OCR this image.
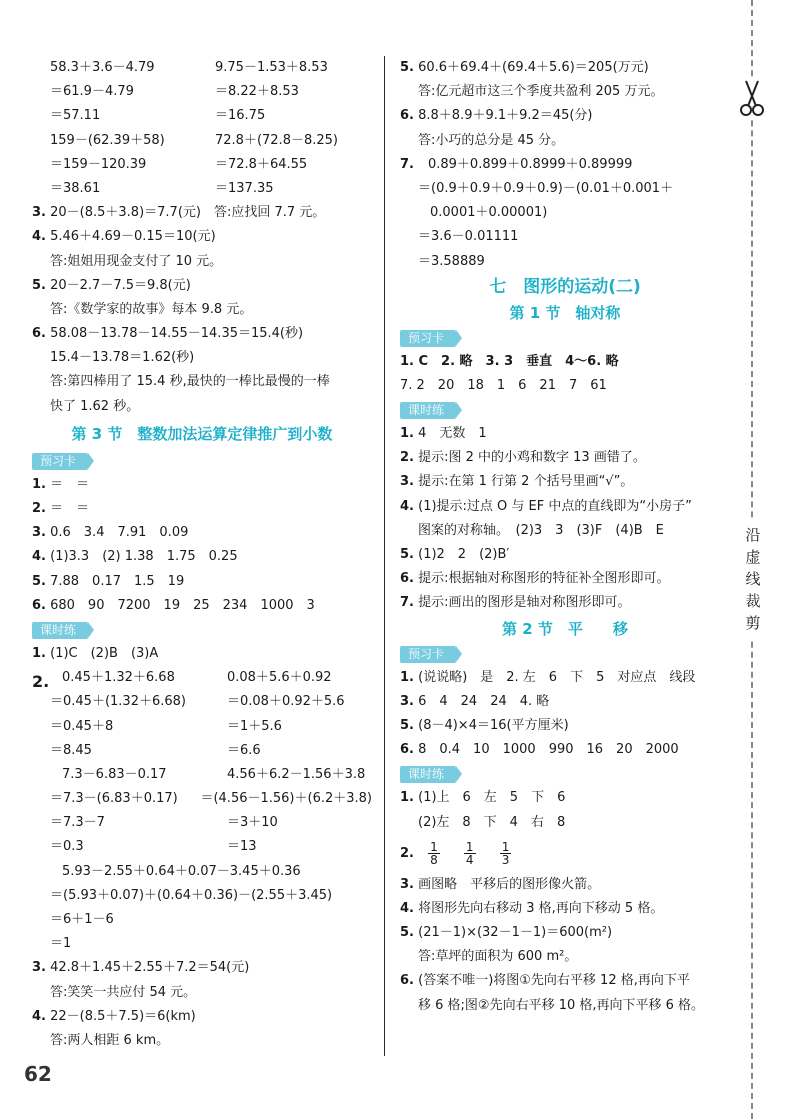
58.3＋3.6－4.79	9.75－1.53＋8.53
＝61.9－4.79	＝8.22＋8.53
＝57.11	＝16.75
159－(62.39＋58)	72.8＋(72.8－8.25)
＝159－120.39	＝72.8＋64.55
＝38.61	＝137.35
3. 20－(8.5＋3.8)＝7.7(元)　答:应找回 7.7 元。
4. 5.46＋4.69－0.15＝10(元)
答:姐姐用现金支付了 10 元。
5. 20－2.7－7.5＝9.8(元)
答:《数学家的故事》每本 9.8 元。
6. 58.08－13.78－14.55－14.35＝15.4(秒)
15.4－13.78＝1.62(秒)
答:第四棒用了 15.4 秒,最快的一棒比最慢的一棒
快了 1.62 秒。
第 3 节　整数加法运算定律推广到小数
预习卡
1. ＝　＝
2. ＝　＝
3. 0.6　3.4　7.91　0.09
4. (1)3.3　(2) 1.38　1.75　0.25
5. 7.88　0.17　1.5　19
6. 680　90　7200　19　25　234　1000　3
课时练
1. (1)C　(2)B　(3)A
2. 0.45＋1.32＋6.68	0.08＋5.6＋0.92
＝0.45＋(1.32＋6.68)	＝0.08＋0.92＋5.6
＝0.45＋8	＝1＋5.6
＝8.45	＝6.6
7.3－6.83－0.17	4.56＋6.2－1.56＋3.8
＝7.3－(6.83＋0.17)	＝(4.56－1.56)＋(6.2＋3.8)
＝7.3－7	＝3＋10
＝0.3	＝13
5.93－2.55＋0.64＋0.07－3.45＋0.36
＝(5.93＋0.07)＋(0.64＋0.36)－(2.55＋3.45)
＝6＋1－6
＝1
3. 42.8＋1.45＋2.55＋7.2＝54(元)
答:笑笑一共应付 54 元。
4. 22－(8.5＋7.5)＝6(km)
答:两人相距 6 km。
5. 60.6＋69.4＋(69.4＋5.6)＝205(万元)
答:亿元超市这三个季度共盈利 205 万元。
6. 8.8＋8.9＋9.1＋9.2＝45(分)
答:小巧的总分是 45 分。
7. 0.89＋0.899＋0.8999＋0.89999
＝(0.9＋0.9＋0.9＋0.9)－(0.01＋0.001＋
0.0001＋0.00001)
＝3.6－0.01111
＝3.58889
七　图形的运动(二)
第 1 节　轴对称
预习卡
1. C　2. 略　3. 3　垂直　4～6. 略
7. 2　20　18　1　6　21　7　61
课时练
1. 4　无数　1
2. 提示:图 2 中的小鸡和数字 13 画错了。
3. 提示:在第 1 行第 2 个括号里画“√”。
4. (1)提示:过点 O 与 EF 中点的直线即为“小房子”
图案的对称轴。　(2)3　3　(3)F　(4)B　E
5. (1)2　2　(2)B′
6. 提示:根据轴对称图形的特征补全图形即可。
7. 提示:画出的图形是轴对称图形即可。
第 2 节　平　　移
预习卡
1. (说说略)　是　2. 左　6　下　5　对应点　线段
3. 6　4　24　24　4. 略
5. (8－4)×4＝16(平方厘米)
6. 8　0.4　10　1000　990　16　20　2000
课时练
1. (1)上　6　左　5　下　6
(2)左　8　下　4　右　8
2. $\frac{1}{8}$
$\frac{1}{4}$
$\frac{1}{3}$
3. 画图略　平移后的图形像火箭。
4. 将图形先向右移动 3 格,再向下移动 5 格。
5. (21－1)×(32－1－1)＝600(m²)
答:草坪的面积为 600 m²。
6. (答案不唯一)将图①先向右平移 12 格,再向下平
移 6 格;图②先向右平移 10 格,再向下平移 6 格。
沿虚线裁剪
62
